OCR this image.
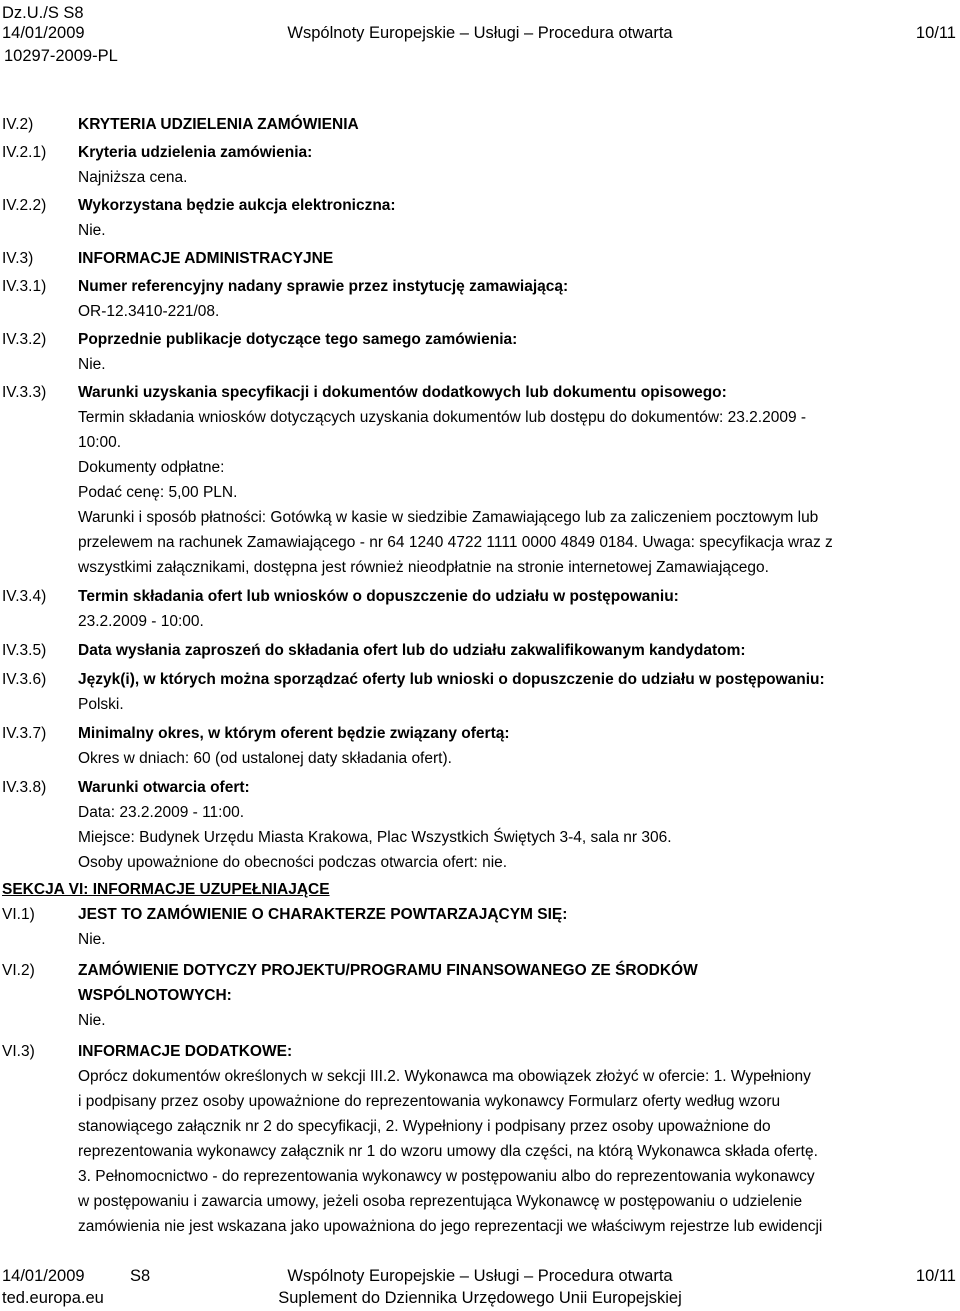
Dz.U./S S8
14/01/2009	Wspólnoty Europejskie – Usługi – Procedura otwarta	10/11
10297-2009-PL
IV.2)	KRYTERIA UDZIELENIA ZAMÓWIENIA
IV.2.1)	Kryteria udzielenia zamówienia:
Najniższa cena.
IV.2.2)	Wykorzystana będzie aukcja elektroniczna:
Nie.
IV.3)	INFORMACJE ADMINISTRACYJNE
IV.3.1)	Numer referencyjny nadany sprawie przez instytucję zamawiającą:
OR-12.3410-221/08.
IV.3.2)	Poprzednie publikacje dotyczące tego samego zamówienia:
Nie.
IV.3.3)	Warunki uzyskania specyfikacji i dokumentów dodatkowych lub dokumentu opisowego:
Termin składania wniosków dotyczących uzyskania dokumentów lub dostępu do dokumentów: 23.2.2009 -
10:00.
Dokumenty odpłatne:
Podać cenę: 5,00 PLN.
Warunki i sposób płatności: Gotówką w kasie w siedzibie Zamawiającego lub za zaliczeniem pocztowym lub
przelewem na rachunek Zamawiającego - nr 64 1240 4722 1111 0000 4849 0184. Uwaga: specyfikacja wraz z
wszystkimi załącznikami, dostępna jest również nieodpłatnie na stronie internetowej Zamawiającego.
IV.3.4)	Termin składania ofert lub wniosków o dopuszczenie do udziału w postępowaniu:
23.2.2009 - 10:00.
IV.3.5)	Data wysłania zaproszeń do składania ofert lub do udziału zakwalifikowanym kandydatom:
IV.3.6)	Język(i), w których można sporządzać oferty lub wnioski o dopuszczenie do udziału w postępowaniu:
Polski.
IV.3.7)	Minimalny okres, w którym oferent będzie związany ofertą:
Okres w dniach: 60 (od ustalonej daty składania ofert).
IV.3.8)	Warunki otwarcia ofert:
Data: 23.2.2009 - 11:00.
Miejsce: Budynek Urzędu Miasta Krakowa, Plac Wszystkich Świętych 3-4, sala nr 306.
Osoby upoważnione do obecności podczas otwarcia ofert: nie.
SEKCJA VI: INFORMACJE UZUPEŁNIAJĄCE
VI.1)	JEST TO ZAMÓWIENIE O CHARAKTERZE POWTARZAJĄCYM SIĘ:
Nie.
VI.2)	ZAMÓWIENIE DOTYCZY PROJEKTU/PROGRAMU FINANSOWANEGO ZE ŚRODKÓW
WSPÓLNOTOWYCH:
Nie.
VI.3)	INFORMACJE DODATKOWE:
Oprócz dokumentów określonych w sekcji III.2. Wykonawca ma obowiązek złożyć w ofercie: 1. Wypełniony
i podpisany przez osoby upoważnione do reprezentowania wykonawcy Formularz oferty według wzoru
stanowiącego załącznik nr 2 do specyfikacji, 2. Wypełniony i podpisany przez osoby upoważnione do
reprezentowania wykonawcy załącznik nr 1 do wzoru umowy dla części, na którą Wykonawca składa ofertę.
3. Pełnomocnictwo - do reprezentowania wykonawcy w postępowaniu albo do reprezentowania wykonawcy
w postępowaniu i zawarcia umowy, jeżeli osoba reprezentująca Wykonawcę w postępowaniu o udzielenie
zamówienia nie jest wskazana jako upoważniona do jego reprezentacji we właściwym rejestrze lub ewidencji
14/01/2009	S8	Wspólnoty Europejskie – Usługi – Procedura otwarta	10/11
ted.europa.eu	Suplement do Dziennika Urzędowego Unii Europejskiej
